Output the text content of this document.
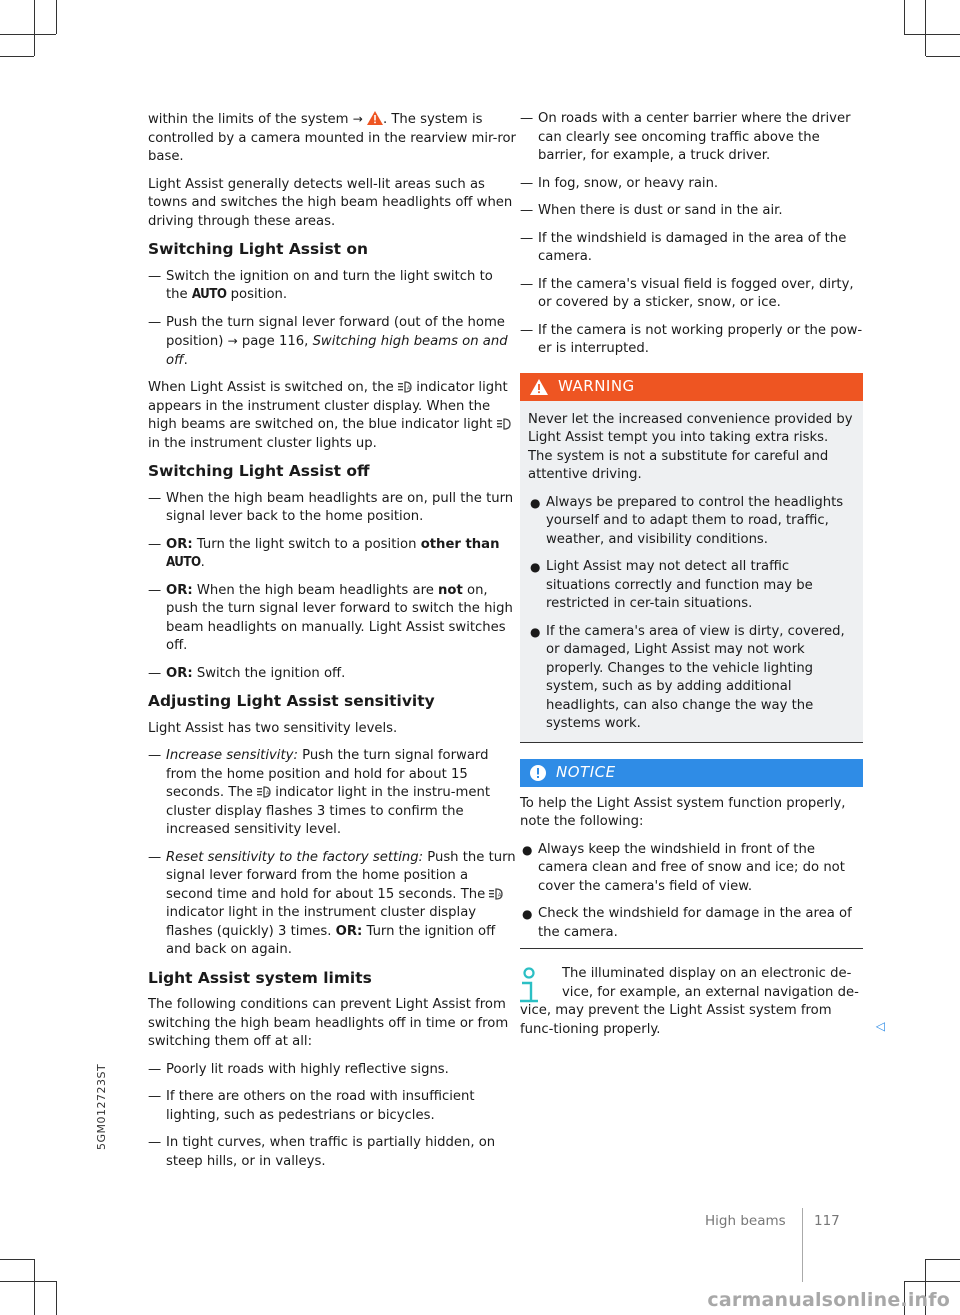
5GM012723ST

within the limits of the system → . The system is controlled by a camera mounted in the rearview mir-ror base.

Light Assist generally detects well-lit areas such as towns and switches the high beam headlights off when driving through these areas.

Switching Light Assist on
— Switch the ignition on and turn the light switch to the AUTO position.
— Push the turn signal lever forward (out of the home position) → page 116, Switching high beams on and off.

When Light Assist is switched on, the	A indicator light appears in the instrument cluster display. When the high beams are switched on, the blue indicator light  in the instrument cluster lights up.

Switching Light Assist off
— When the high beam headlights are on, pull the turn signal lever back to the home position.
— OR: Turn the light switch to a position other than
AUTO.
— OR: When the high beam headlights are not on, push the turn signal lever forward to switch the high beam headlights on manually. Light Assist switches off.
— OR: Switch the ignition off.
Adjusting Light Assist sensitivity

Light Assist has two sensitivity levels.

— Increase sensitivity: Push the turn signal forward from the home position and hold for about 15 seconds. The	A indicator light in the instru-ment cluster display flashes 3 times to confirm the increased sensitivity level.
— Reset sensitivity to the factory setting: Push the turn signal lever forward from the home position a second time and hold for about 15 seconds. The	A
indicator light in the instrument cluster display flashes (quickly) 3 times. OR: Turn the ignition off and back on again.
Light Assist system limits

The following conditions can prevent Light Assist from switching the high beam headlights off in time or from switching them off at all:

— Poorly lit roads with highly reflective signs.
— If there are others on the road with insufficient lighting, such as pedestrians or bicycles.
— In tight curves, when traffic is partially hidden, on steep hills, or in valleys.
— On roads with a center barrier where the driver can clearly see oncoming traffic above the barrier, for example, a truck driver.
— In fog, snow, or heavy rain.
— When there is dust or sand in the air.
— If the windshield is damaged in the area of the camera.
— If the camera's visual field is fogged over, dirty, or covered by a sticker, snow, or ice.
— If the camera is not working properly or the pow-er is interrupted.
WARNING

Never let the increased convenience provided by Light Assist tempt you into taking extra risks. The system is not a substitute for careful and attentive driving.

● Always be prepared to control the headlights yourself and to adapt them to road, traffic, weather, and visibility conditions.
● Light Assist may not detect all traffic situations correctly and function may be restricted in cer-tain situations.
● If the camera's area of view is dirty, covered, or damaged, Light Assist may not work properly. Changes to the vehicle lighting system, such as by adding additional headlights, can also change the way the systems work.
NOTICE

To help the Light Assist system function properly, note the following:

● Always keep the windshield in front of the camera clean and free of snow and ice; do not cover the camera's field of view.
● Check the windshield for damage in the area of the camera.
The illuminated display on an electronic de-
vice, for example, an external navigation de-
vice, may prevent the Light Assist system from func-tioning properly.	◁
High beams 117
carmanualsonline.info
